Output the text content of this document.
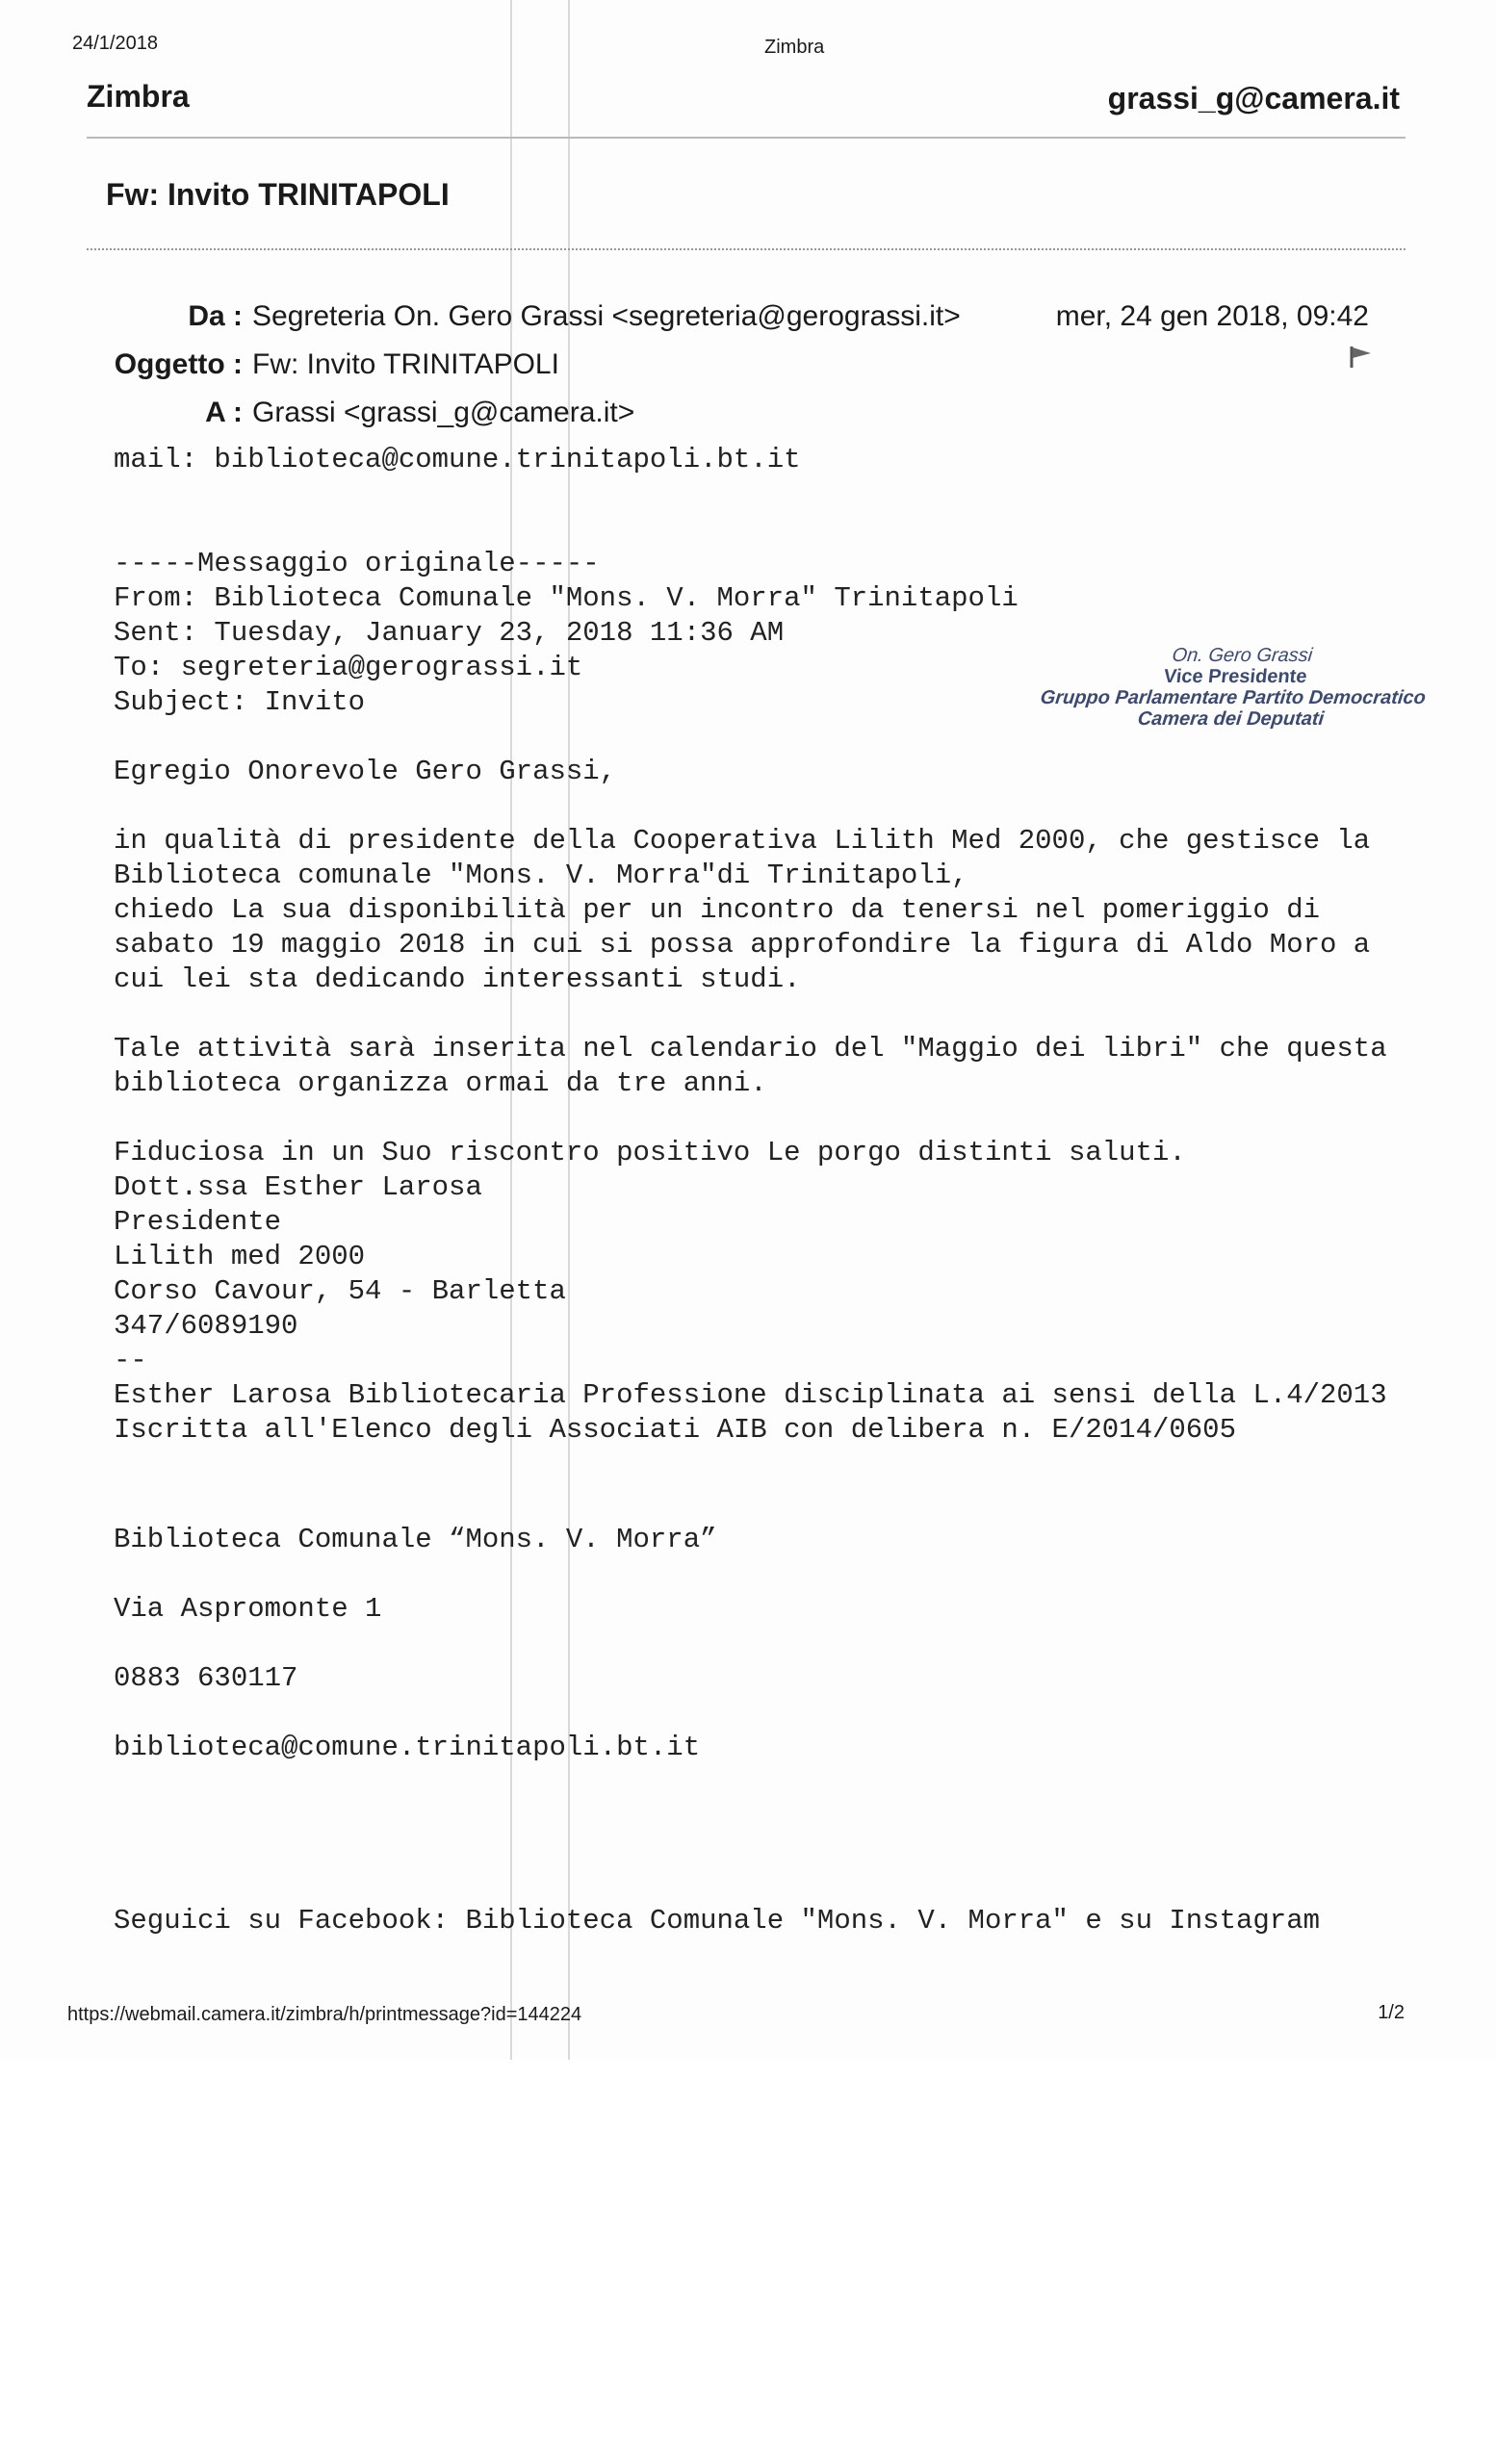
24/1/2018	Zimbra
Zimbra	grassi_g@camera.it
Fw: Invito TRINITAPOLI
Da : Segreteria On. Gero Grassi <segreteria@gerograssi.it>	mer, 24 gen 2018, 09:42
Oggetto : Fw: Invito TRINITAPOLI
A : Grassi <grassi_g@camera.it>
mail: biblioteca@comune.trinitapoli.bt.it
-----Messaggio originale-----
From: Biblioteca Comunale "Mons. V. Morra" Trinitapoli
Sent: Tuesday, January 23, 2018 11:36 AM
To: segreteria@gerograssi.it
Subject: Invito
On. Gero Grassi
Vice Presidente
Gruppo Parlamentare Partito Democratico
Camera dei Deputati
Egregio Onorevole Gero Grassi,
in qualità di presidente della Cooperativa Lilith Med 2000, che gestisce la
Biblioteca comunale "Mons. V. Morra"di Trinitapoli,
chiedo La sua disponibilità per un incontro da tenersi nel pomeriggio di
sabato 19 maggio 2018 in cui si possa approfondire la figura di Aldo Moro a
cui lei sta dedicando interessanti studi.
Tale attività sarà inserita nel calendario del "Maggio dei libri" che questa
biblioteca organizza ormai da tre anni.
Fiduciosa in un Suo riscontro positivo Le porgo distinti saluti.
Dott.ssa Esther Larosa
Presidente
Lilith med 2000
Corso Cavour, 54 - Barletta
347/6089190
--
Esther Larosa Bibliotecaria Professione disciplinata ai sensi della L.4/2013
Iscritta all'Elenco degli Associati AIB con delibera n. E/2014/0605
Biblioteca Comunale “Mons. V. Morra”
Via Aspromonte 1
0883 630117
biblioteca@comune.trinitapoli.bt.it
Seguici su Facebook: Biblioteca Comunale "Mons. V. Morra" e su Instagram
https://webmail.camera.it/zimbra/h/printmessage?id=144224	1/2
